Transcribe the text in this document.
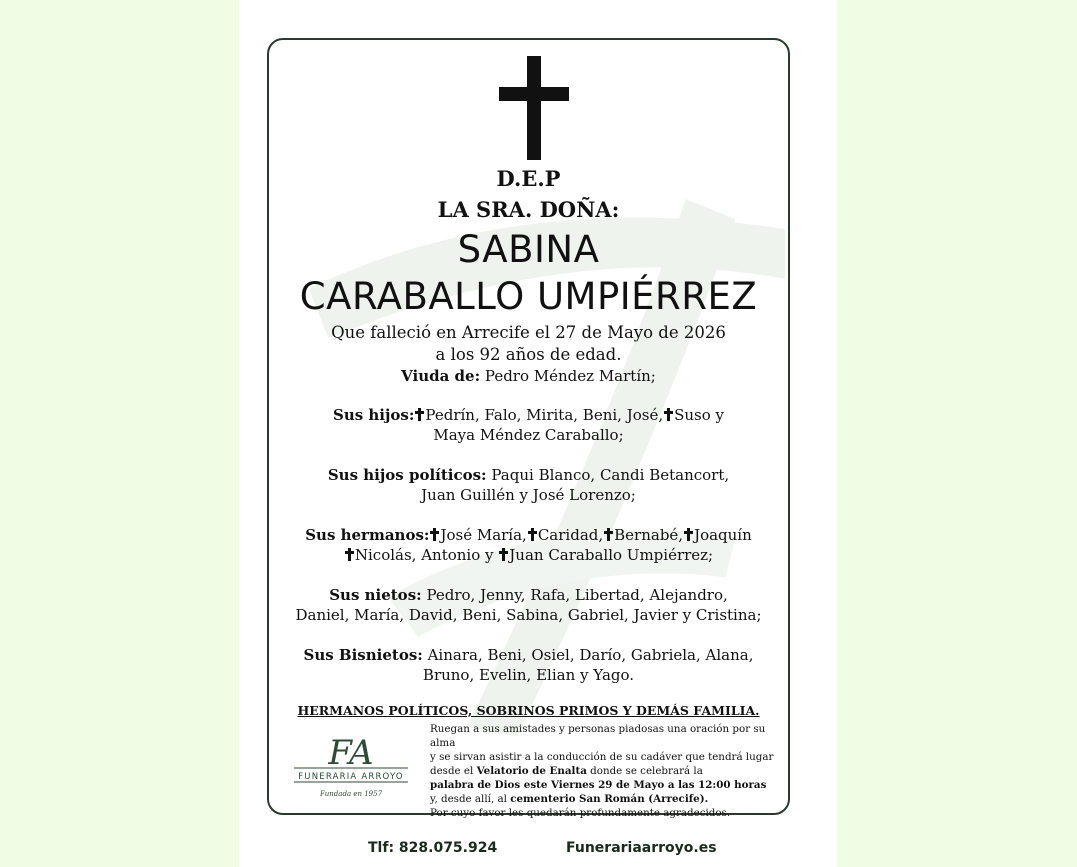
D.E.P
LA SRA. DOÑA:
SABINA
CARABALLO UMPIÉRREZ
Que falleció en Arrecife el 27 de Mayo de 2026
a los 92 años de edad.
Viuda de: Pedro Méndez Martín;
Sus hijos: Pedrín, Falo, Mirita, Beni, José, Suso y
Maya Méndez Caraballo;
Sus hijos políticos: Paqui Blanco, Candi Betancort,
Juan Guillén y José Lorenzo;
Sus hermanos: José María, Caridad, Bernabé, Joaquín
Nicolás, Antonio y Juan Caraballo Umpiérrez;
Sus nietos: Pedro, Jenny, Rafa, Libertad, Alejandro,
Daniel, María, David, Beni, Sabina, Gabriel, Javier y Cristina;
Sus Bisnietos: Ainara, Beni, Osiel, Darío, Gabriela, Alana,
Bruno, Evelin, Elian y Yago.
HERMANOS POLÍTICOS, SOBRINOS PRIMOS Y DEMÁS FAMILIA.
FA
FUNERARIA ARROYO
Fundada en 1957
Ruegan a sus amistades y personas piadosas una oración por su alma
y se sirvan asistir a la conducción de su cadáver que tendrá lugar
desde el Velatorio de Enalta donde se celebrará la
palabra de Dios este Viernes 29 de Mayo a las 12:00 horas
y, desde allí, al cementerio San Román (Arrecife).
Por cuyo favor les quedarán profundamente agradecidos.
Tlf: 828.075.924	Funerariaarroyo.es
